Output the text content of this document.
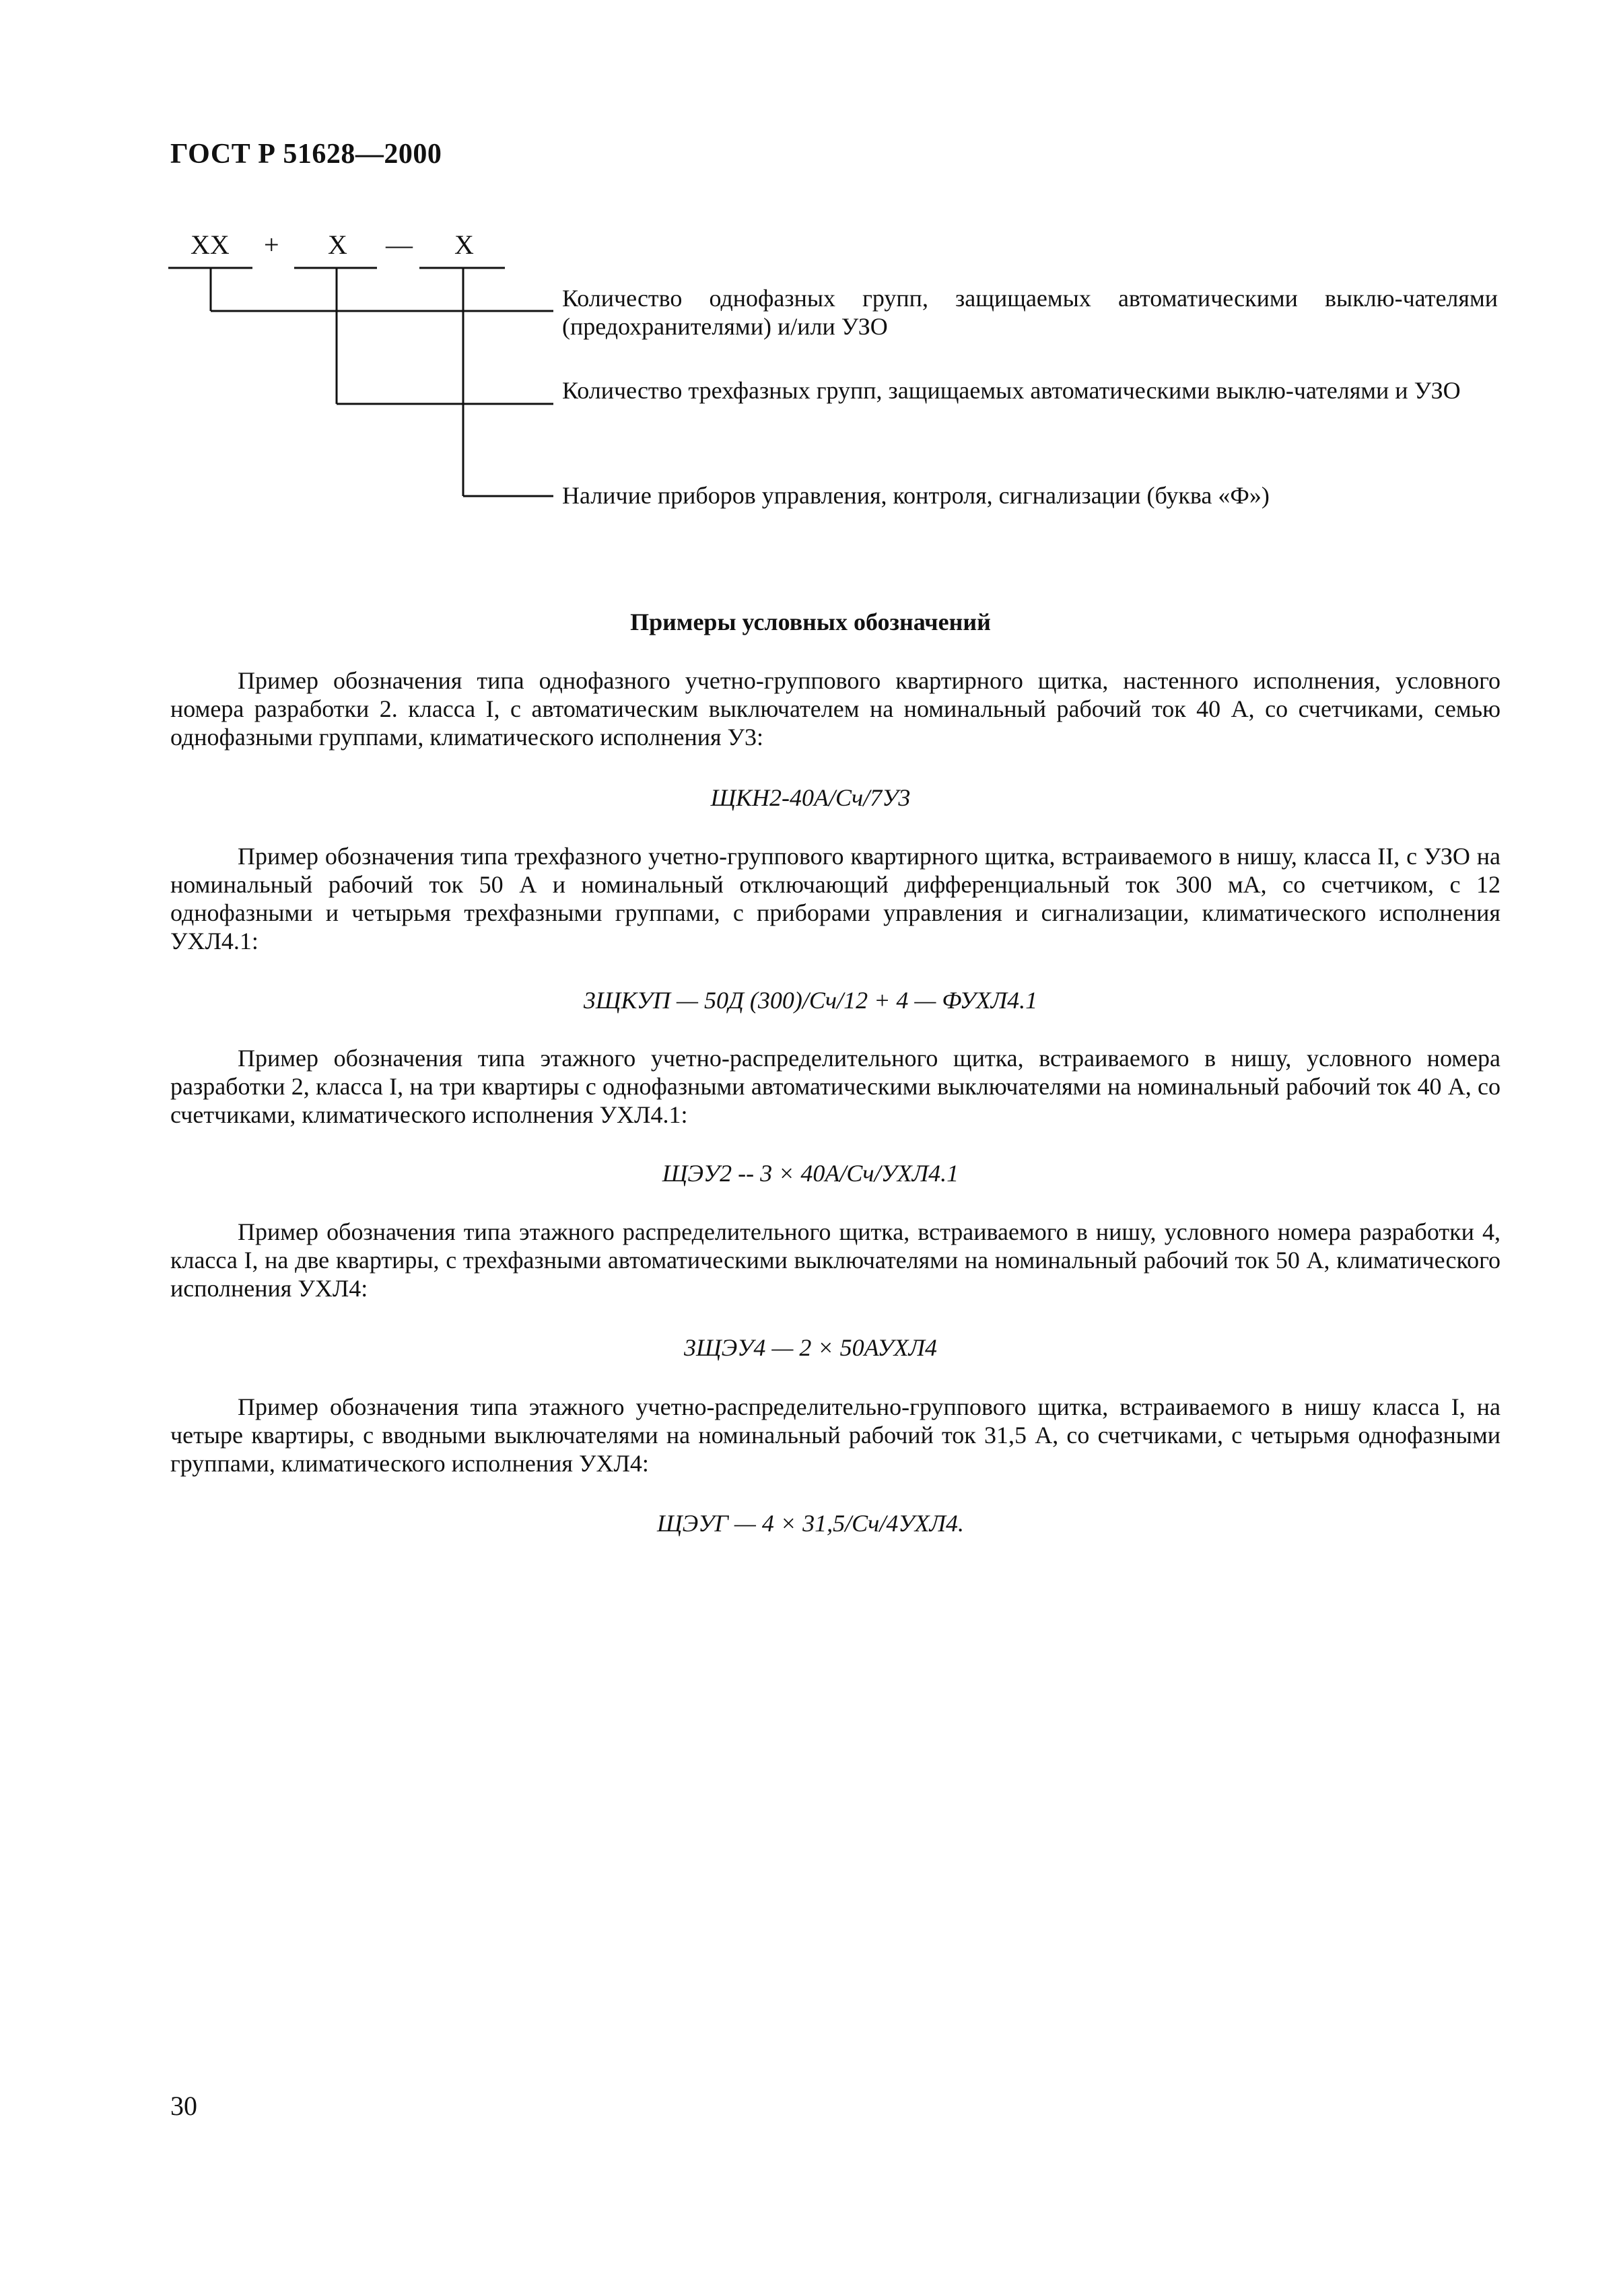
ГОСТ Р 51628—2000
XX + X — X
Количество однофазных групп, защищаемых автоматическими выклю-чателями (предохранителями) и/или УЗО
Количество трехфазных групп, защищаемых автоматическими выклю-чателями и УЗО
Наличие приборов управления, контроля, сигнализации (буква «Ф»)
Примеры условных обозначений
Пример обозначения типа однофазного учетно-группового квартирного щитка, настенного исполнения, условного номера разработки 2. класса I, с автоматическим выключателем на номинальный рабочий ток 40 А, со счетчиками, семью однофазными группами, климатического исполнения У3:
ЩКН2-40А/Сч/7У3
Пример обозначения типа трехфазного учетно-группового квартирного щитка, встраиваемого в нишу, класса II, с УЗО на номинальный рабочий ток 50 А и номинальный отключающий дифференциальный ток 300 мА, со счетчиком, с 12 однофазными и четырьмя трехфазными группами, с приборами управления и сигнализации, климатического исполнения УХЛ4.1:
3ЩКУП — 50Д (300)/Сч/12 + 4 — ФУХЛ4.1
Пример обозначения типа этажного учетно-распределительного щитка, встраиваемого в нишу, условного номера разработки 2, класса I, на три квартиры с однофазными автоматическими выключателями на номинальный рабочий ток 40 А, со счетчиками, климатического исполнения УХЛ4.1:
ЩЭУ2 -- 3 × 40А/Сч/УХЛ4.1
Пример обозначения типа этажного распределительного щитка, встраиваемого в нишу, условного номера разработки 4, класса I, на две квартиры, с трехфазными автоматическими выключателями на номинальный рабочий ток 50 А, климатического исполнения УХЛ4:
3ЩЭУ4 — 2 × 50АУХЛ4
Пример обозначения типа этажного учетно-распределительно-группового щитка, встраиваемого в нишу класса I, на четыре квартиры, с вводными выключателями на номинальный рабочий ток 31,5 А, со счетчиками, с четырьмя однофазными группами, климатического исполнения УХЛ4:
ЩЭУГ — 4 × 31,5/Сч/4УХЛ4.
30
